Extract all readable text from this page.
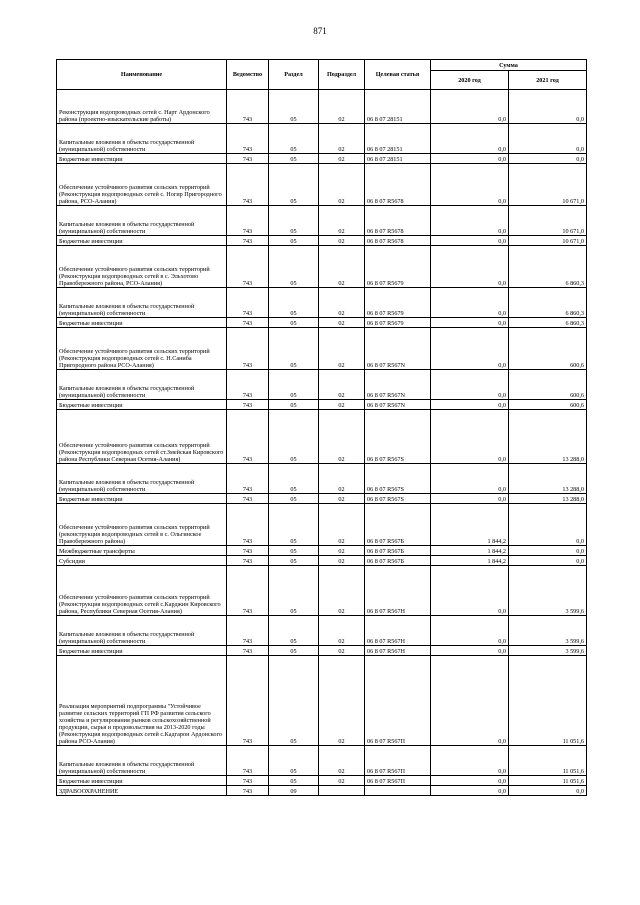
871
Наименование	Ведомство	Раздел	Подраздел	Целевая статья	Сумма	
					2020 год	2021 год
Реконструкция водопроводных сетей с. Нарт Ардонского района (проектно-изыскательские работы)	743	05	02	06 8 07 28151	0,0	0,0
Капитальные вложения в объекты государственной (муниципальной) собственности	743	05	02	06 8 07 28151	0,0	0,0
Бюджетные инвестиции	743	05	02	06 8 07 28151	0,0	0,0
Обеспечение устойчивого развития сельских территорий (Реконструкция водопроводных сетей с. Ногир Пригородного района, РСО-Алания)	743	05	02	06 8 07 R5678	0,0	10 671,0
Капитальные вложения в объекты государственной (муниципальной) собственности	743	05	02	06 8 07 R5678	0,0	10 671,0
Бюджетные инвестиции	743	05	02	06 8 07 R5678	0,0	10 671,0
Обеспечение устойчивого развития сельских территорий (Реконструкция водопроводных сетей в с. Эльхотово Правобережного района, РСО-Алания)	743	05	02	06 8 07 R5679	0,0	6 860,3
Капитальные вложения в объекты государственной (муниципальной) собственности	743	05	02	06 8 07 R5679	0,0	6 860,3
Бюджетные инвестиции	743	05	02	06 8 07 R5679	0,0	6 860,3
Обеспечение устойчивого развития сельских территорий (Реконструкция водопроводных сетей с. Н.Саниба Пригородного района РСО-Алания)	743	05	02	06 8 07 R567N	0,0	600,6
Капитальные вложения в объекты государственной (муниципальной) собственности	743	05	02	06 8 07 R567N	0,0	600,6
Бюджетные инвестиции	743	05	02	06 8 07 R567N	0,0	600,6
Обеспечение устойчивого развития сельских территорий (Реконструкция водопроводных сетей ст.Змейская Кировского района Республики Северная Осетия-Алания)	743	05	02	06 8 07 R567S	0,0	13 288,0
Капитальные вложения в объекты государственной (муниципальной) собственности	743	05	02	06 8 07 R567S	0,0	13 288,0
Бюджетные инвестиции	743	05	02	06 8 07 R567S	0,0	13 288,0
Обеспечение устойчивого развития сельских территорий (реконструкция водопроводных сетей в с. Ольгинское Правобережного района)	743	05	02	06 8 07 R567Б	1 844,2	0,0
Межбюджетные трансферты	743	05	02	06 8 07 R567Б	1 844,2	0,0
Субсидии	743	05	02	06 8 07 R567Б	1 844,2	0,0
Обеспечение устойчивого развития сельских территорий (Реконструкция водопроводных сетей с.Карджин Кировского района, Республики Северная Осетия-Алания)	743	05	02	06 8 07 R567Н	0,0	3 599,6
Капитальные вложения в объекты государственной (муниципальной) собственности	743	05	02	06 8 07 R567Н	0,0	3 599,6
Бюджетные инвестиции	743	05	02	06 8 07 R567Н	0,0	3 599,6
Реализация мероприятий подпрограммы "Устойчивое развитие сельских территорий ГП РФ развития сельского хозяйства и регулирования рынков сельскохозяйственной продукции, сырья и продовольствия на 2013-2020 годы (Реконструкция водопроводных сетей с.Кадгарон Ардонского района РСО-Алания)	743	05	02	06 8 07 R567П	0,0	11 051,6
Капитальные вложения в объекты государственной (муниципальной) собственности	743	05	02	06 8 07 R567П	0,0	11 051,6
Бюджетные инвестиции	743	05	02	06 8 07 R567П	0,0	11 051,6
ЗДРАВООХРАНЕНИЕ	743	09			0,0	0,0
